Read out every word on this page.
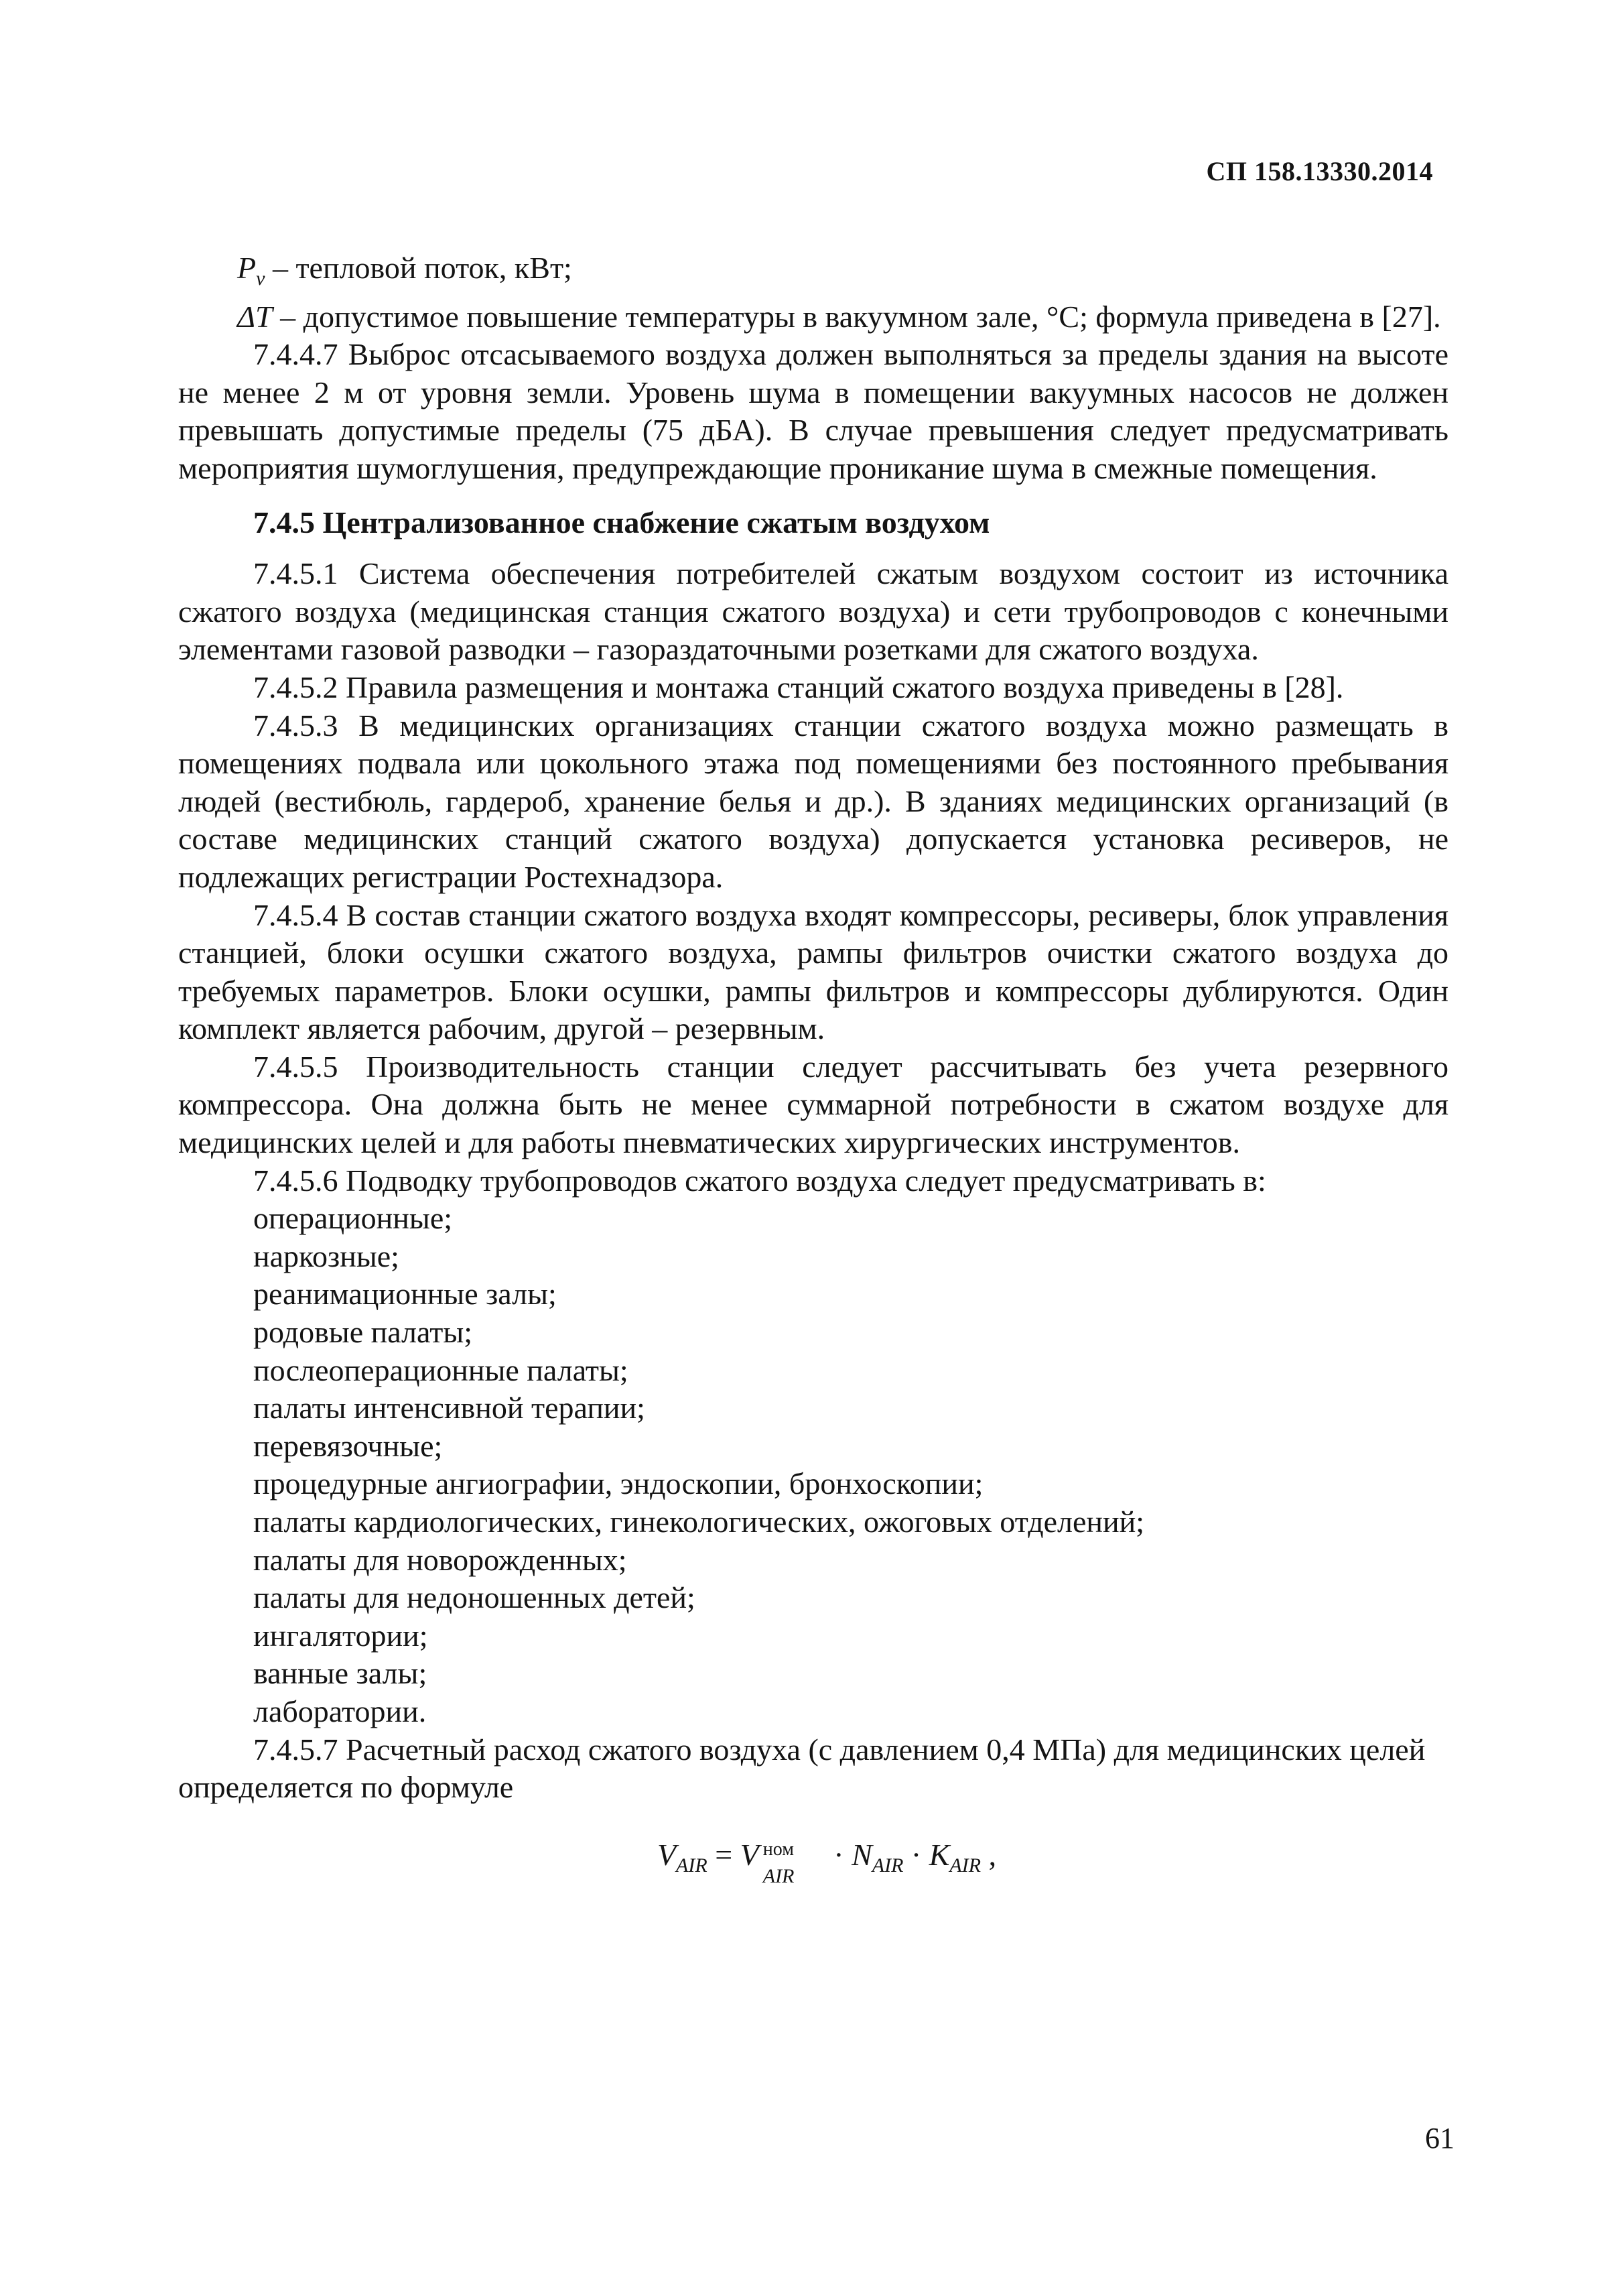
СП 158.13330.2014

$P_v$ – тепловой поток, кВт;

ΔT – допустимое повышение температуры в вакуумном зале, °С; формула приведена в [27].

7.4.4.7 Выброс отсасываемого воздуха должен выполняться за пределы здания на высоте не менее 2 м от уровня земли. Уровень шума в помещении вакуумных насосов не должен превышать допустимые пределы (75 дБА). В случае превышения следует предусматривать мероприятия шумоглушения, предупреждающие проникание шума в смежные помещения.

7.4.5 Централизованное снабжение сжатым воздухом

7.4.5.1 Система обеспечения потребителей сжатым воздухом состоит из источника сжатого воздуха (медицинская станция сжатого воздуха) и сети трубопроводов с конечными элементами газовой разводки – газораздаточными розетками для сжатого воздуха.

7.4.5.2 Правила размещения и монтажа станций сжатого воздуха приведены в [28].

7.4.5.3 В медицинских организациях станции сжатого воздуха можно размещать в помещениях подвала или цокольного этажа под помещениями без постоянного пребывания людей (вестибюль, гардероб, хранение белья и др.). В зданиях медицинских организаций (в составе медицинских станций сжатого воздуха) допускается установка ресиверов, не подлежащих регистрации Ростехнадзора.

7.4.5.4 В состав станции сжатого воздуха входят компрессоры, ресиверы, блок управления станцией, блоки осушки сжатого воздуха, рампы фильтров очистки сжатого воздуха до требуемых параметров. Блоки осушки, рампы фильтров и компрессоры дублируются. Один комплект является рабочим, другой – резервным.

7.4.5.5 Производительность станции следует рассчитывать без учета резервного компрессора. Она должна быть не менее суммарной потребности в сжатом воздухе для медицинских целей и для работы пневматических хирургических инструментов.

7.4.5.6 Подводку трубопроводов сжатого воздуха следует предусматривать в:

операционные;
наркозные;
реанимационные залы;
родовые палаты;
послеоперационные палаты;
палаты интенсивной терапии;
перевязочные;
процедурные ангиографии, эндоскопии, бронхоскопии;
палаты кардиологических, гинекологических, ожоговых отделений;
палаты для новорожденных;
палаты для недоношенных детей;
ингалятории;
ванные залы;
лаборатории.

7.4.5.7 Расчетный расход сжатого воздуха (с давлением 0,4 МПа) для медицинских целей определяется по формуле

$V_{AIR} = V$ ном
AIR
· $N_{AIR} \cdot K_{AIR}$ ,
61
